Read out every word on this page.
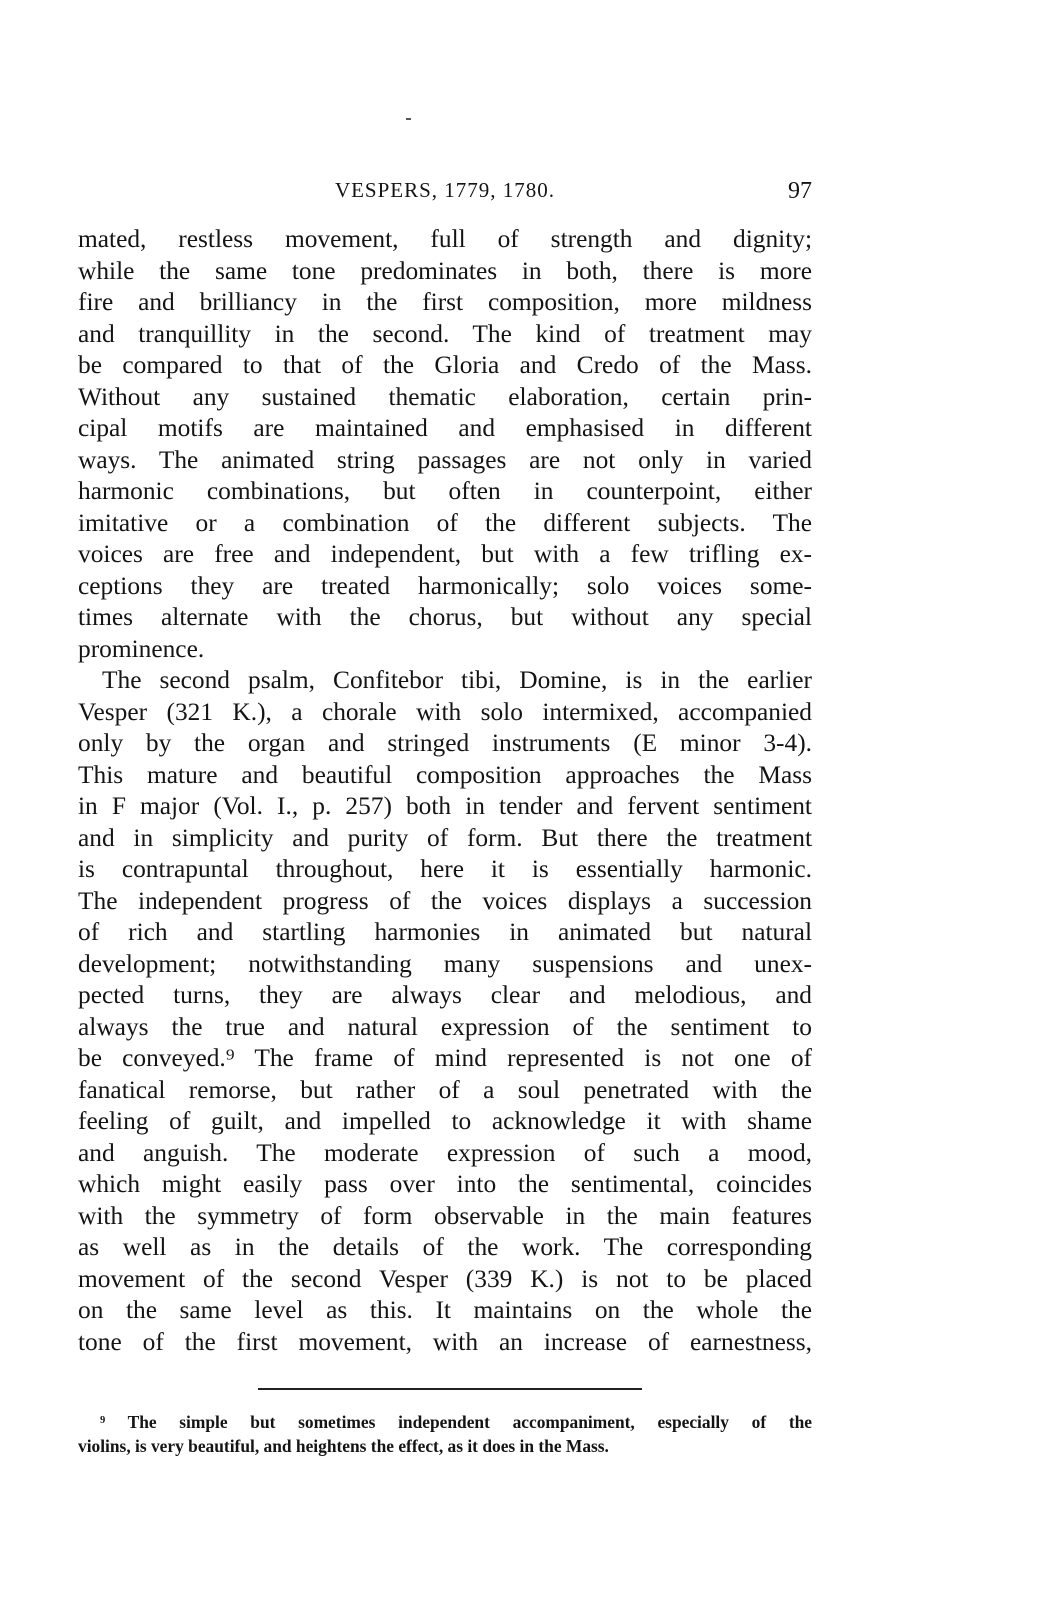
VESPERS, 1779, 1780.	97
mated, restless movement, full of strength and dignity;
while the same tone predominates in both, there is more
fire and brilliancy in the first composition, more mildness
and tranquillity in the second. The kind of treatment may
be compared to that of the Gloria and Credo of the Mass.
Without any sustained thematic elaboration, certain prin-
cipal motifs are maintained and emphasised in different
ways. The animated string passages are not only in varied
harmonic combinations, but often in counterpoint, either
imitative or a combination of the different subjects. The
voices are free and independent, but with a few trifling ex-
ceptions they are treated harmonically; solo voices some-
times alternate with the chorus, but without any special
prominence.
The second psalm, Confitebor tibi, Domine, is in the earlier
Vesper (321 K.), a chorale with solo intermixed, accompanied
only by the organ and stringed instruments (E minor 3-4).
This mature and beautiful composition approaches the Mass
in F major (Vol. I., p. 257) both in tender and fervent sentiment
and in simplicity and purity of form. But there the treatment
is contrapuntal throughout, here it is essentially harmonic.
The independent progress of the voices displays a succession
of rich and startling harmonies in animated but natural
development; notwithstanding many suspensions and unex-
pected turns, they are always clear and melodious, and
always the true and natural expression of the sentiment to
be conveyed.⁹ The frame of mind represented is not one of
fanatical remorse, but rather of a soul penetrated with the
feeling of guilt, and impelled to acknowledge it with shame
and anguish. The moderate expression of such a mood,
which might easily pass over into the sentimental, coincides
with the symmetry of form observable in the main features
as well as in the details of the work. The corresponding
movement of the second Vesper (339 K.) is not to be placed
on the same level as this. It maintains on the whole the
tone of the first movement, with an increase of earnestness,
⁹ The simple but sometimes independent accompaniment, especially of the
violins, is very beautiful, and heightens the effect, as it does in the Mass.
